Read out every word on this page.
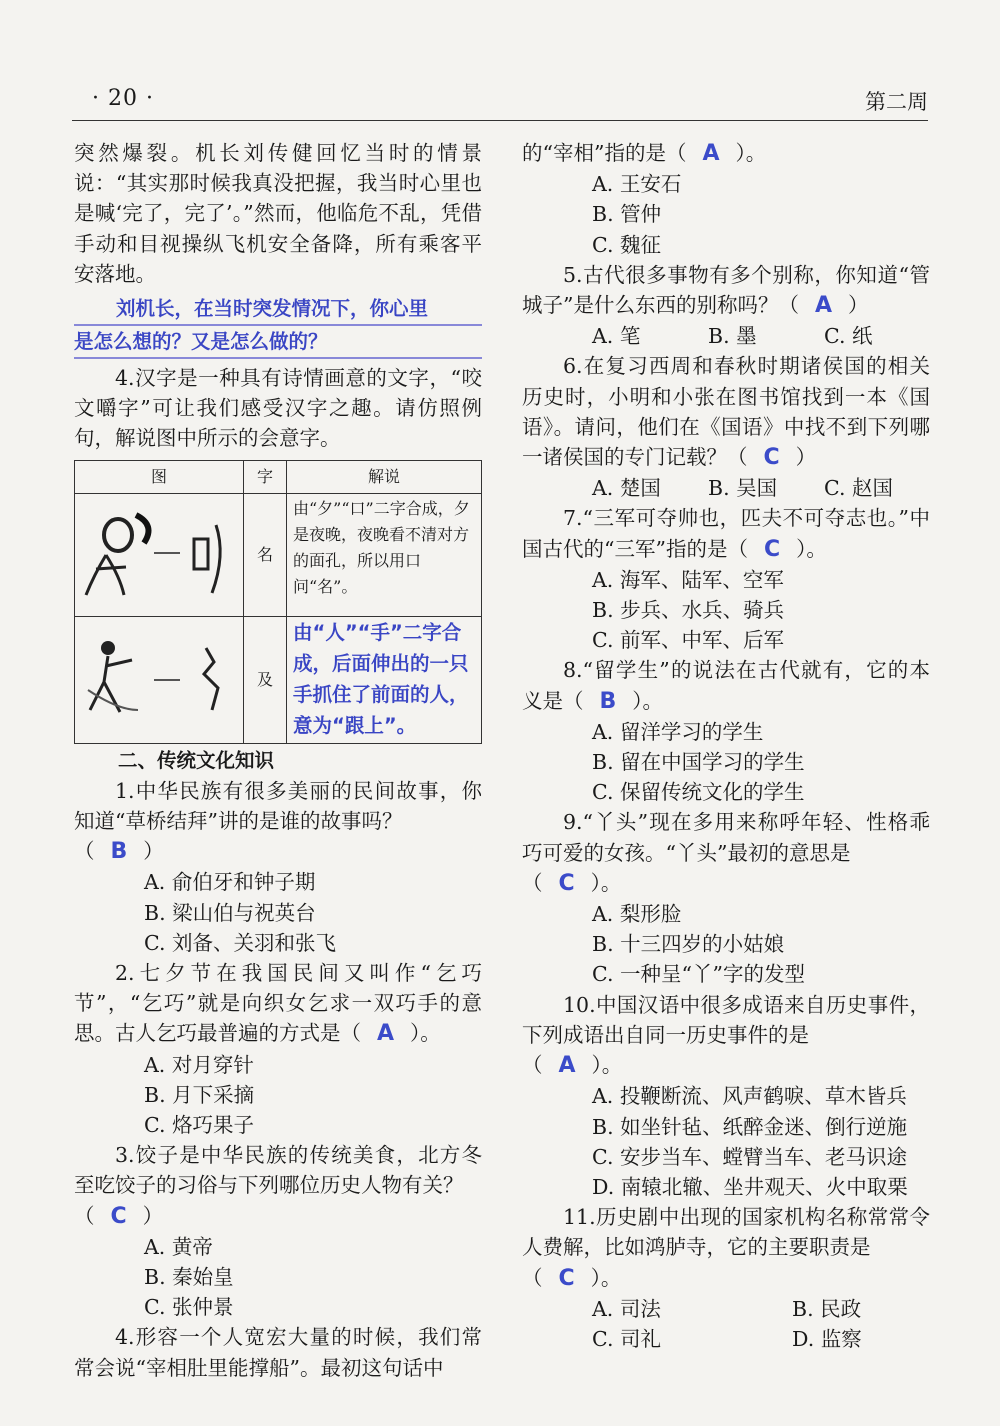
· 20 ·	第二周

突然爆裂。机长刘传健回忆当时的情景说：“其实那时候我真没把握，我当时心里也是喊‘完了，完了’。”然而，他临危不乱，凭借手动和目视操纵飞机安全备降，所有乘客平安落地。

刘机长，在当时突发情况下，你心里
是怎么想的？又是怎么做的？

4.汉字是一种具有诗情画意的文字，“咬文嚼字”可让我们感受汉字之趣。请仿照例句，解说图中所示的会意字。

图	字	解说
	名	由“夕”“口”二字合成，夕是夜晚，夜晚看不清对方的面孔，所以用口问“名”。
	及	由“人”“手”二字合成，后面伸出的一只手抓住了前面的人，意为“跟上”。

二、传统文化知识

1.中华民族有很多美丽的民间故事，你知道“草桥结拜”讲的是谁的故事吗？

（ B ）

A. 俞伯牙和钟子期

B. 梁山伯与祝英台

C. 刘备、关羽和张飞

2.七夕节在我国民间又叫作“乞巧节”，“乞巧”就是向织女乞求一双巧手的意思。古人乞巧最普遍的方式是（ A ）。

A. 对月穿针

B. 月下采摘

C. 烙巧果子

3.饺子是中华民族的传统美食，北方冬至吃饺子的习俗与下列哪位历史人物有关？

（ C ）

A. 黄帝

B. 秦始皇

C. 张仲景

4.形容一个人宽宏大量的时候，我们常常会说“宰相肚里能撑船”。最初这句话中

的“宰相”指的是（ A ）。

A. 王安石

B. 管仲

C. 魏征

5.古代很多事物有多个别称，你知道“管城子”是什么东西的别称吗？（ A ）

A. 笔	B. 墨	C. 纸

6.在复习西周和春秋时期诸侯国的相关历史时，小明和小张在图书馆找到一本《国语》。请问，他们在《国语》中找不到下列哪一诸侯国的专门记载？（ C ）

A. 楚国	B. 吴国	C. 赵国

7.“三军可夺帅也，匹夫不可夺志也。”中国古代的“三军”指的是（ C ）。

A. 海军、陆军、空军

B. 步兵、水兵、骑兵

C. 前军、中军、后军

8.“留学生”的说法在古代就有，它的本义是（ B ）。

A. 留洋学习的学生

B. 留在中国学习的学生

C. 保留传统文化的学生

9.“丫头”现在多用来称呼年轻、性格乖巧可爱的女孩。“丫头”最初的意思是

（ C ）。

A. 梨形脸

B. 十三四岁的小姑娘

C. 一种呈“丫”字的发型

10.中国汉语中很多成语来自历史事件，下列成语出自同一历史事件的是

（ A ）。

A. 投鞭断流、风声鹤唳、草木皆兵

B. 如坐针毡、纸醉金迷、倒行逆施

C. 安步当车、螳臂当车、老马识途

D. 南辕北辙、坐井观天、火中取栗

11.历史剧中出现的国家机构名称常常令人费解，比如鸿胪寺，它的主要职责是

（ C ）。

A. 司法	B. 民政

C. 司礼	D. 监察
